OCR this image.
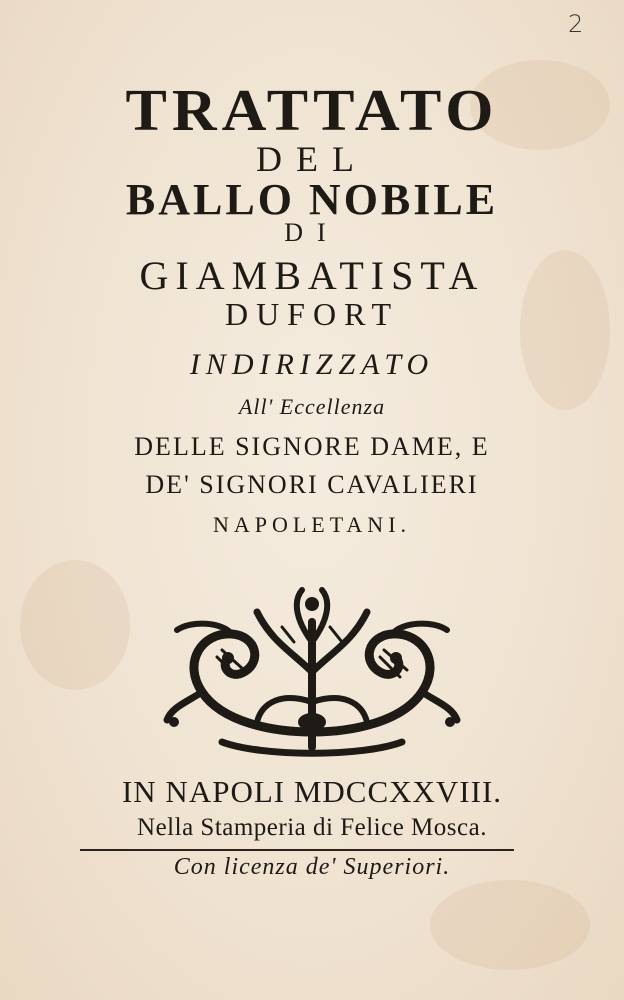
2
TRATTATO
DEL
BALLO NOBILE
DI
GIAMBATISTA
DUFORT
INDIRIZZATO
All' Eccellenza
DELLE SIGNORE DAME, E
DE' SIGNORI CAVALIERI
NAPOLETANI.
IN NAPOLI MDCCXXVIII.
Nella Stamperia di Felice Mosca.
Con licenza de' Superiori.
